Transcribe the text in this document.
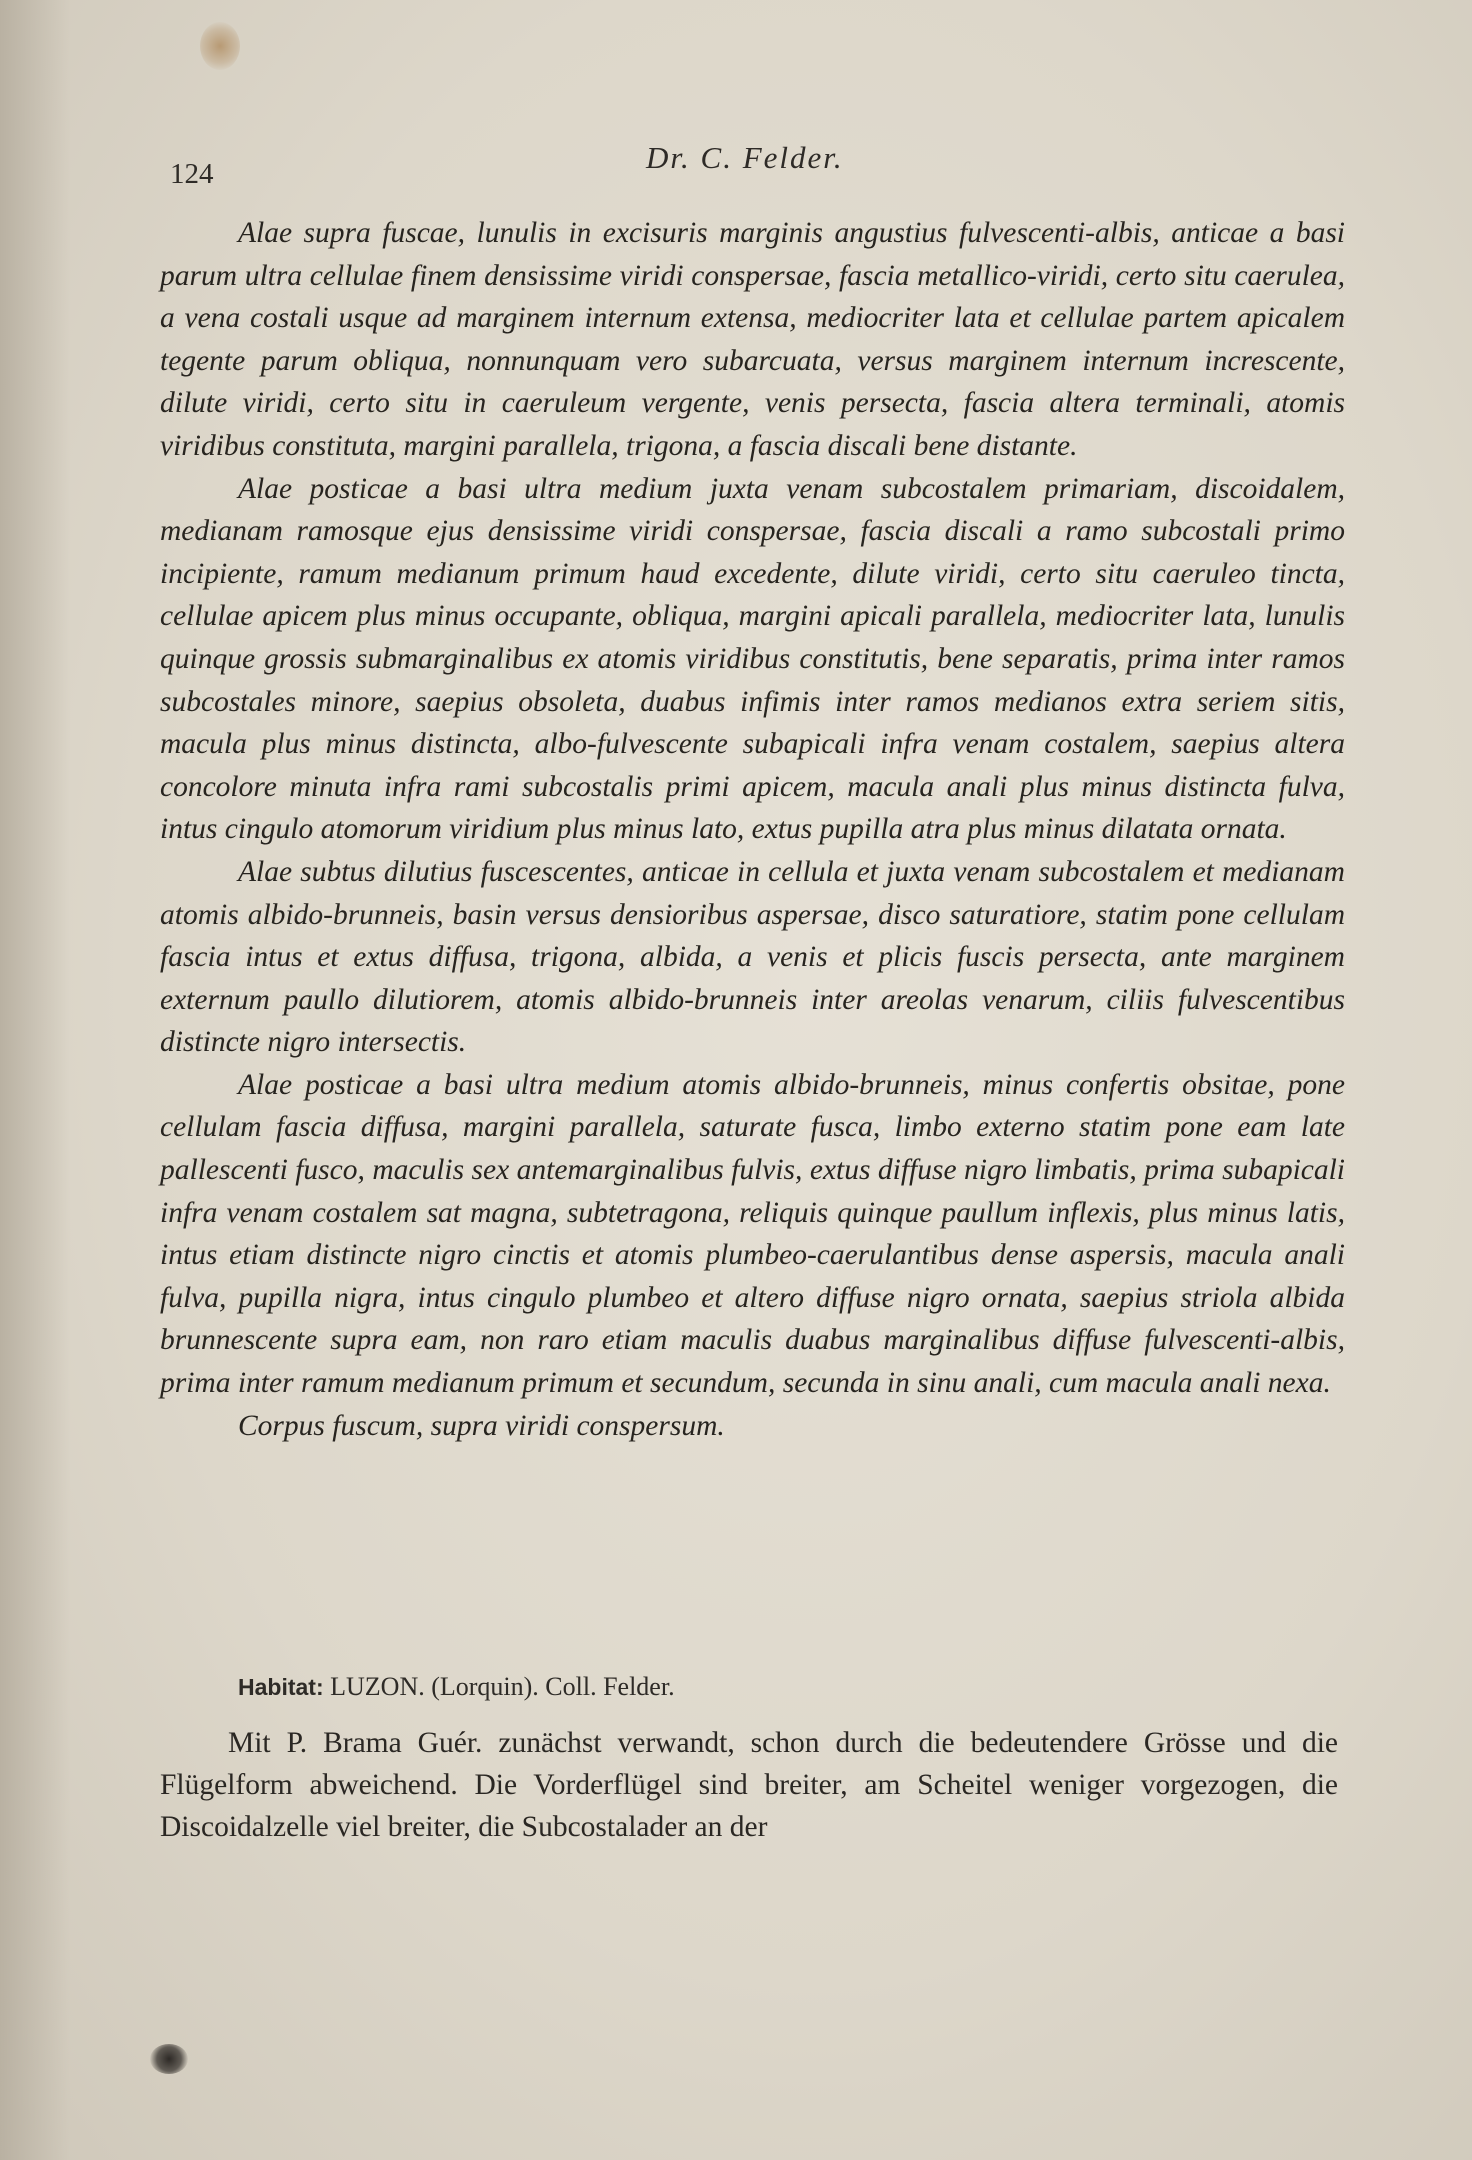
124	Dr. C. Felder.

Alae supra fuscae, lunulis in excisuris marginis angustius fulvescenti-albis, anticae a basi parum ultra cellulae finem densissime viridi conspersae, fascia metallico-viridi, certo situ caerulea, a vena costali usque ad marginem internum extensa, mediocriter lata et cellulae partem apicalem tegente parum obliqua, nonnunquam vero subarcuata, versus marginem internum increscente, dilute viridi, certo situ in caeruleum vergente, venis persecta, fascia altera terminali, atomis viridibus constituta, margini parallela, trigona, a fascia discali bene distante.

Alae posticae a basi ultra medium juxta venam subcostalem primariam, discoidalem, medianam ramosque ejus densissime viridi conspersae, fascia discali a ramo subcostali primo incipiente, ramum medianum primum haud excedente, dilute viridi, certo situ caeruleo tincta, cellulae apicem plus minus occupante, obliqua, margini apicali parallela, mediocriter lata, lunulis quinque grossis submarginalibus ex atomis viridibus constitutis, bene separatis, prima inter ramos subcostales minore, saepius obsoleta, duabus infimis inter ramos medianos extra seriem sitis, macula plus minus distincta, albo-fulvescente subapicali infra venam costalem, saepius altera concolore minuta infra rami subcostalis primi apicem, macula anali plus minus distincta fulva, intus cingulo atomorum viridium plus minus lato, extus pupilla atra plus minus dilatata ornata.

Alae subtus dilutius fuscescentes, anticae in cellula et juxta venam subcostalem et medianam atomis albido-brunneis, basin versus densioribus aspersae, disco saturatiore, statim pone cellulam fascia intus et extus diffusa, trigona, albida, a venis et plicis fuscis persecta, ante marginem externum paullo dilutiorem, atomis albido-brunneis inter areolas venarum, ciliis fulvescentibus distincte nigro intersectis.

Alae posticae a basi ultra medium atomis albido-brunneis, minus confertis obsitae, pone cellulam fascia diffusa, margini parallela, saturate fusca, limbo externo statim pone eam late pallescenti fusco, maculis sex antemarginalibus fulvis, extus diffuse nigro limbatis, prima subapicali infra venam costalem sat magna, subtetragona, reliquis quinque paullum inflexis, plus minus latis, intus etiam distincte nigro cinctis et atomis plumbeo-caerulantibus dense aspersis, macula anali fulva, pupilla nigra, intus cingulo plumbeo et altero diffuse nigro ornata, saepius striola albida brunnescente supra eam, non raro etiam maculis duabus marginalibus diffuse fulvescenti-albis, prima inter ramum medianum primum et secundum, secunda in sinu anali, cum macula anali nexa.

Corpus fuscum, supra viridi conspersum.

Habitat: LUZON. (Lorquin). Coll. Felder.

Mit P. Brama Guér. zunächst verwandt, schon durch die bedeutendere Grösse und die Flügelform abweichend. Die Vorderflügel sind breiter, am Scheitel weniger vorgezogen, die Discoidalzelle viel breiter, die Subcostalader an der
